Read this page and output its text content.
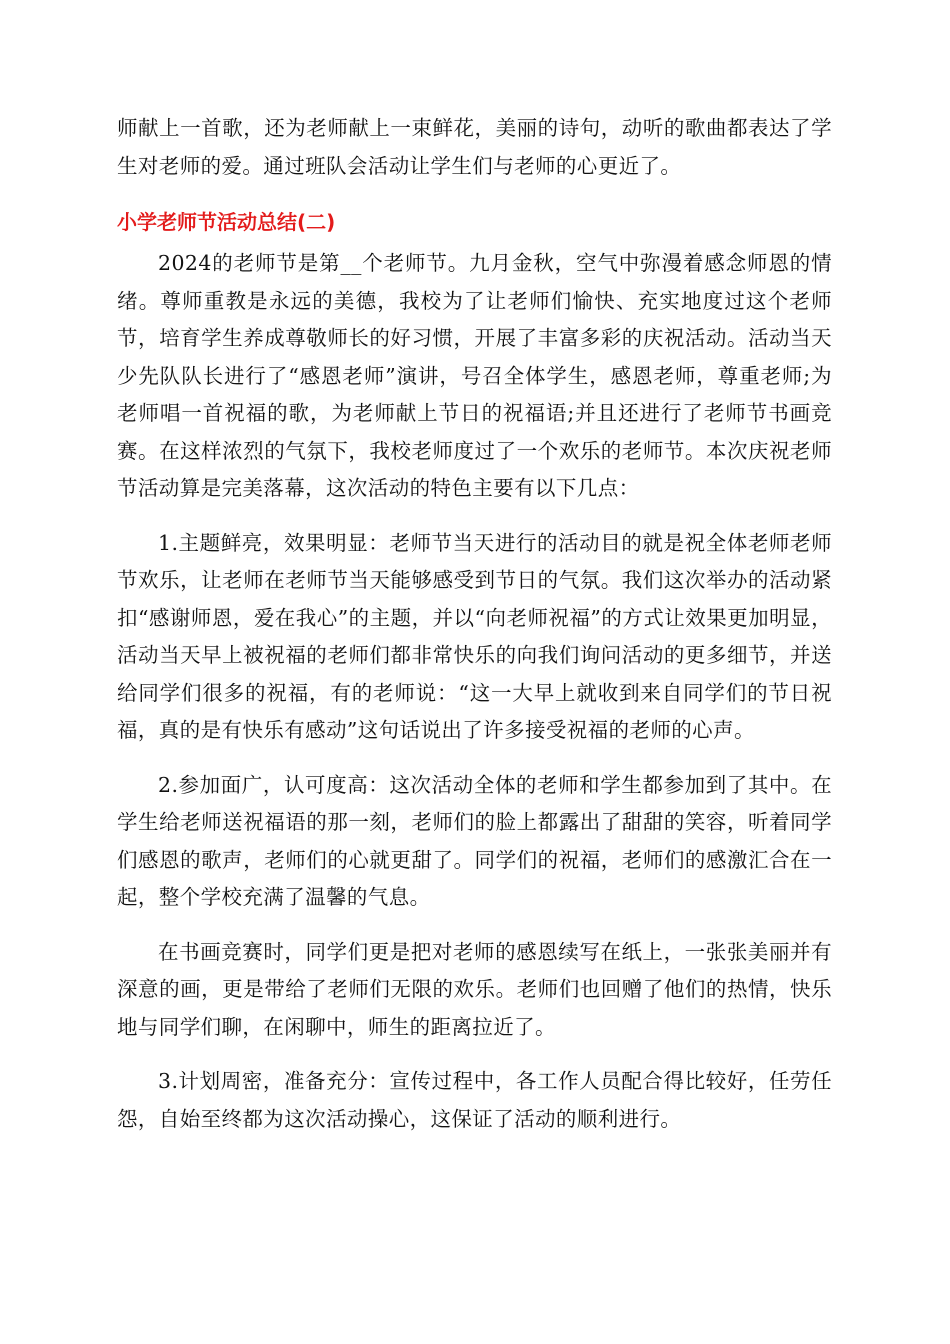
师献上一首歌，还为老师献上一束鲜花，美丽的诗句，动听的歌曲都表达了学生对老师的爱。通过班队会活动让学生们与老师的心更近了。

小学老师节活动总结(二)

2024的老师节是第__个老师节。九月金秋，空气中弥漫着感念师恩的情绪。尊师重教是永远的美德，我校为了让老师们愉快、充实地度过这个老师节，培育学生养成尊敬师长的好习惯，开展了丰富多彩的庆祝活动。活动当天少先队队长进行了“感恩老师”演讲，号召全体学生，感恩老师，尊重老师;为老师唱一首祝福的歌，为老师献上节日的祝福语;并且还进行了老师节书画竞赛。在这样浓烈的气氛下，我校老师度过了一个欢乐的老师节。本次庆祝老师节活动算是完美落幕，这次活动的特色主要有以下几点：

1.主题鲜亮，效果明显：老师节当天进行的活动目的就是祝全体老师老师节欢乐，让老师在老师节当天能够感受到节日的气氛。我们这次举办的活动紧扣“感谢师恩，爱在我心”的主题，并以“向老师祝福”的方式让效果更加明显，活动当天早上被祝福的老师们都非常快乐的向我们询问活动的更多细节，并送给同学们很多的祝福，有的老师说：“这一大早上就收到来自同学们的节日祝福，真的是有快乐有感动”这句话说出了许多接受祝福的老师的心声。

2.参加面广，认可度高：这次活动全体的老师和学生都参加到了其中。在学生给老师送祝福语的那一刻，老师们的脸上都露出了甜甜的笑容，听着同学们感恩的歌声，老师们的心就更甜了。同学们的祝福，老师们的感激汇合在一起，整个学校充满了温馨的气息。

在书画竞赛时，同学们更是把对老师的感恩续写在纸上，一张张美丽并有深意的画，更是带给了老师们无限的欢乐。老师们也回赠了他们的热情，快乐地与同学们聊，在闲聊中，师生的距离拉近了。

3.计划周密，准备充分：宣传过程中，各工作人员配合得比较好，任劳任怨，自始至终都为这次活动操心，这保证了活动的顺利进行。
